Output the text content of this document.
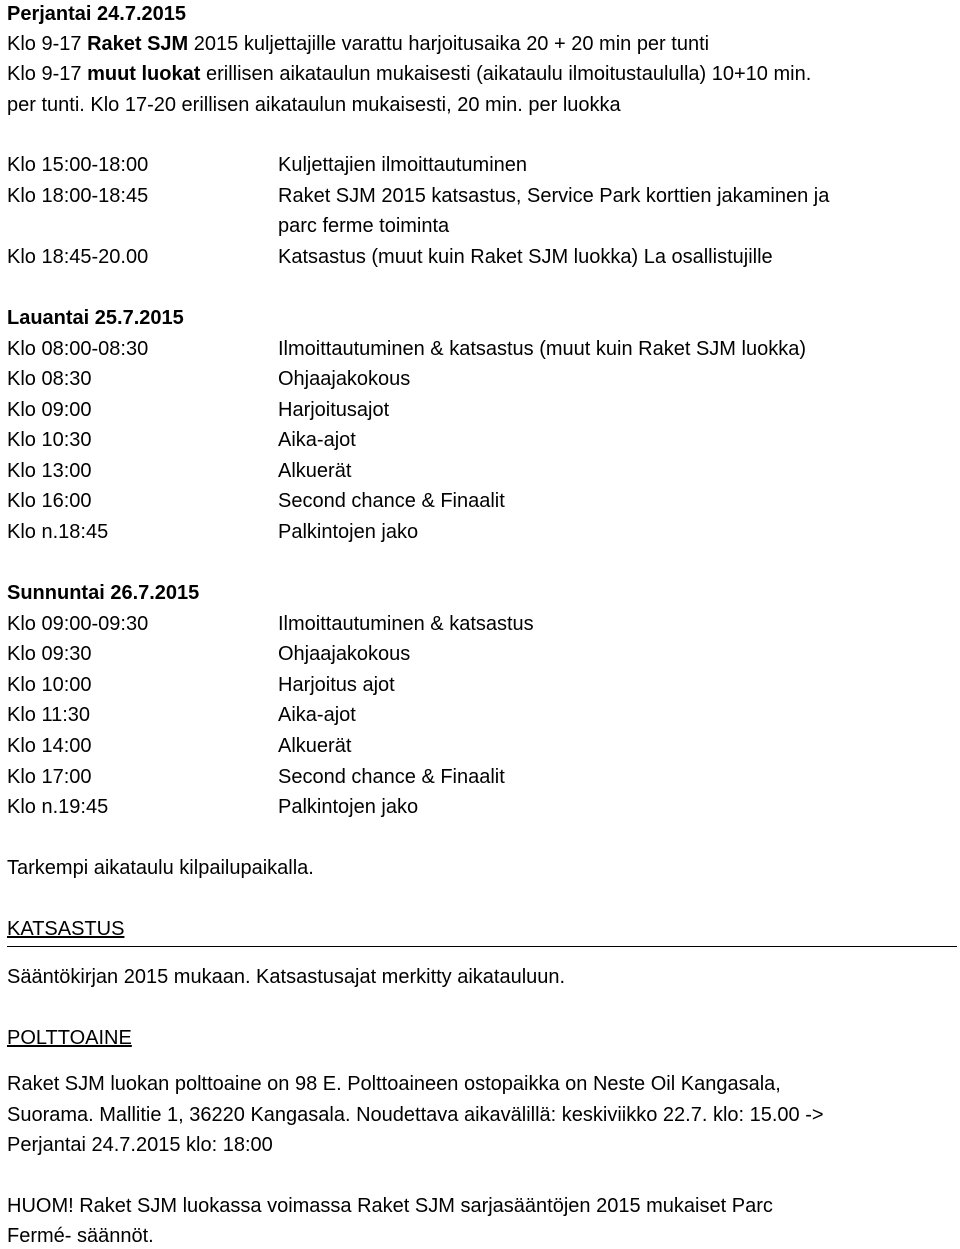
Perjantai 24.7.2015
Klo 9-17 Raket SJM 2015 kuljettajille varattu harjoitusaika 20 + 20 min per tunti
Klo 9-17 muut luokat erillisen aikataulun mukaisesti (aikataulu ilmoitustaululla) 10+10 min.
per tunti. Klo 17-20 erillisen aikataulun mukaisesti, 20 min. per luokka
Klo 15:00-18:00	Kuljettajien ilmoittautuminen
Klo 18:00-18:45	Raket SJM 2015 katsastus, Service Park korttien jakaminen ja
parc ferme toiminta
Klo 18:45-20.00	Katsastus (muut kuin Raket SJM luokka) La osallistujille
Lauantai 25.7.2015
Klo 08:00-08:30	Ilmoittautuminen & katsastus (muut kuin Raket SJM luokka)
Klo 08:30	Ohjaajakokous
Klo 09:00	Harjoitusajot
Klo 10:30	Aika-ajot
Klo 13:00	Alkuerät
Klo 16:00	Second chance & Finaalit
Klo n.18:45	Palkintojen jako
Sunnuntai 26.7.2015
Klo 09:00-09:30	Ilmoittautuminen & katsastus
Klo 09:30	Ohjaajakokous
Klo 10:00	Harjoitus ajot
Klo 11:30	Aika-ajot
Klo 14:00	Alkuerät
Klo 17:00	Second chance & Finaalit
Klo n.19:45	Palkintojen jako
Tarkempi aikataulu kilpailupaikalla.
KATSASTUS
Sääntökirjan 2015 mukaan. Katsastusajat merkitty aikatauluun.
POLTTOAINE
Raket SJM luokan polttoaine on 98 E. Polttoaineen ostopaikka on Neste Oil Kangasala,
Suorama. Mallitie 1, 36220 Kangasala. Noudettava aikavälillä: keskiviikko 22.7. klo: 15.00 ->
Perjantai 24.7.2015 klo: 18:00
HUOM! Raket SJM luokassa voimassa Raket SJM sarjasääntöjen 2015 mukaiset Parc
Fermé- säännöt.
